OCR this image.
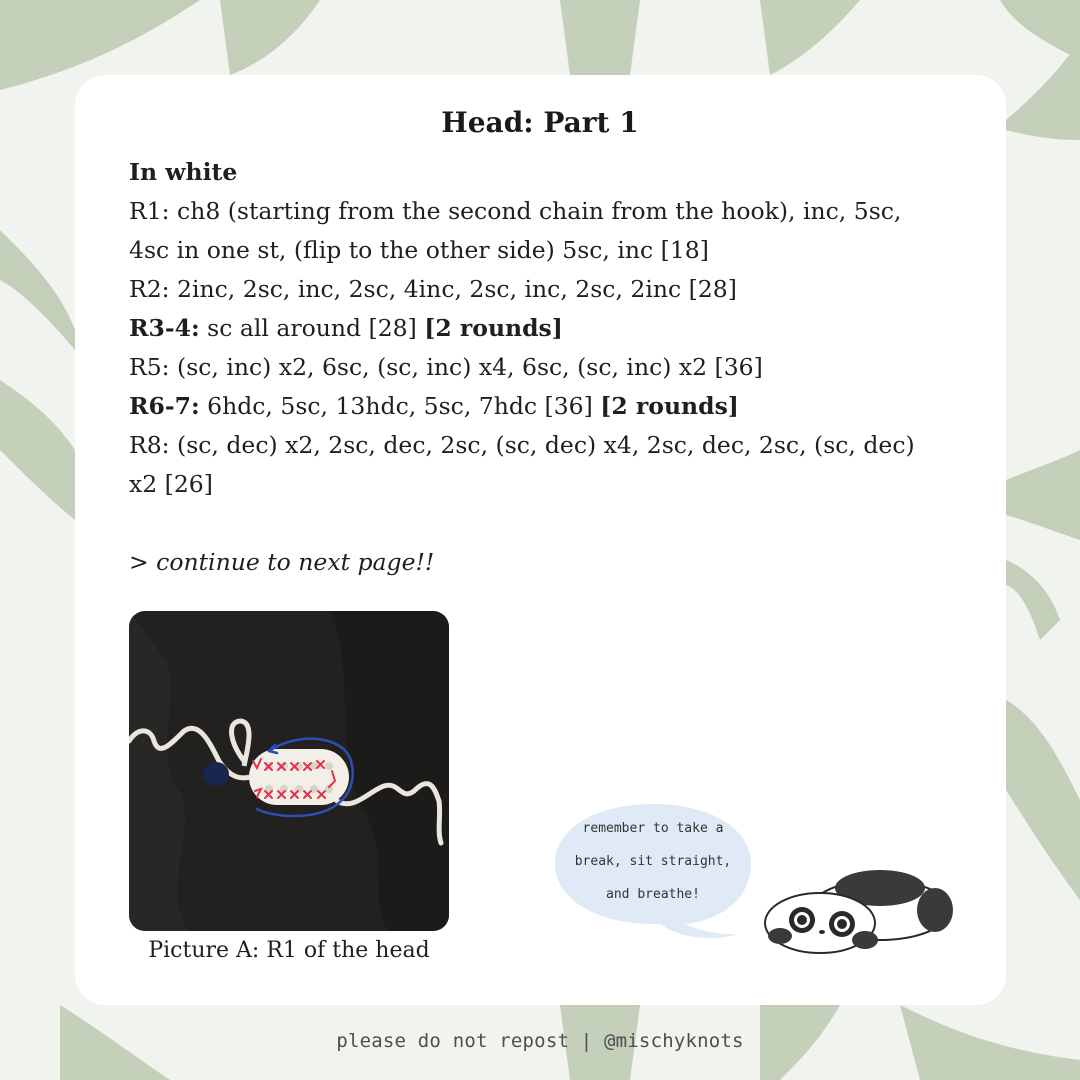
Head: Part 1
In white
R1: ch8 (starting from the second chain from the hook), inc, 5sc,
4sc in one st, (flip to the other side) 5sc, inc [18]
R2: 2inc, 2sc, inc, 2sc, 4inc, 2sc, inc, 2sc, 2inc [28]
R3-4: sc all around [28] [2 rounds]
R5: (sc, inc) x2, 6sc, (sc, inc) x4, 6sc, (sc, inc) x2 [36]
R6-7: 6hdc, 5sc, 13hdc, 5sc, 7hdc [36] [2 rounds]
R8: (sc, dec) x2, 2sc, dec, 2sc, (sc, dec) x4, 2sc, dec, 2sc, (sc, dec)
x2 [26]
> continue to next page!!
Picture A: R1 of the head
remember to take a
break, sit straight,
and breathe!
please do not repost | @mischyknots
